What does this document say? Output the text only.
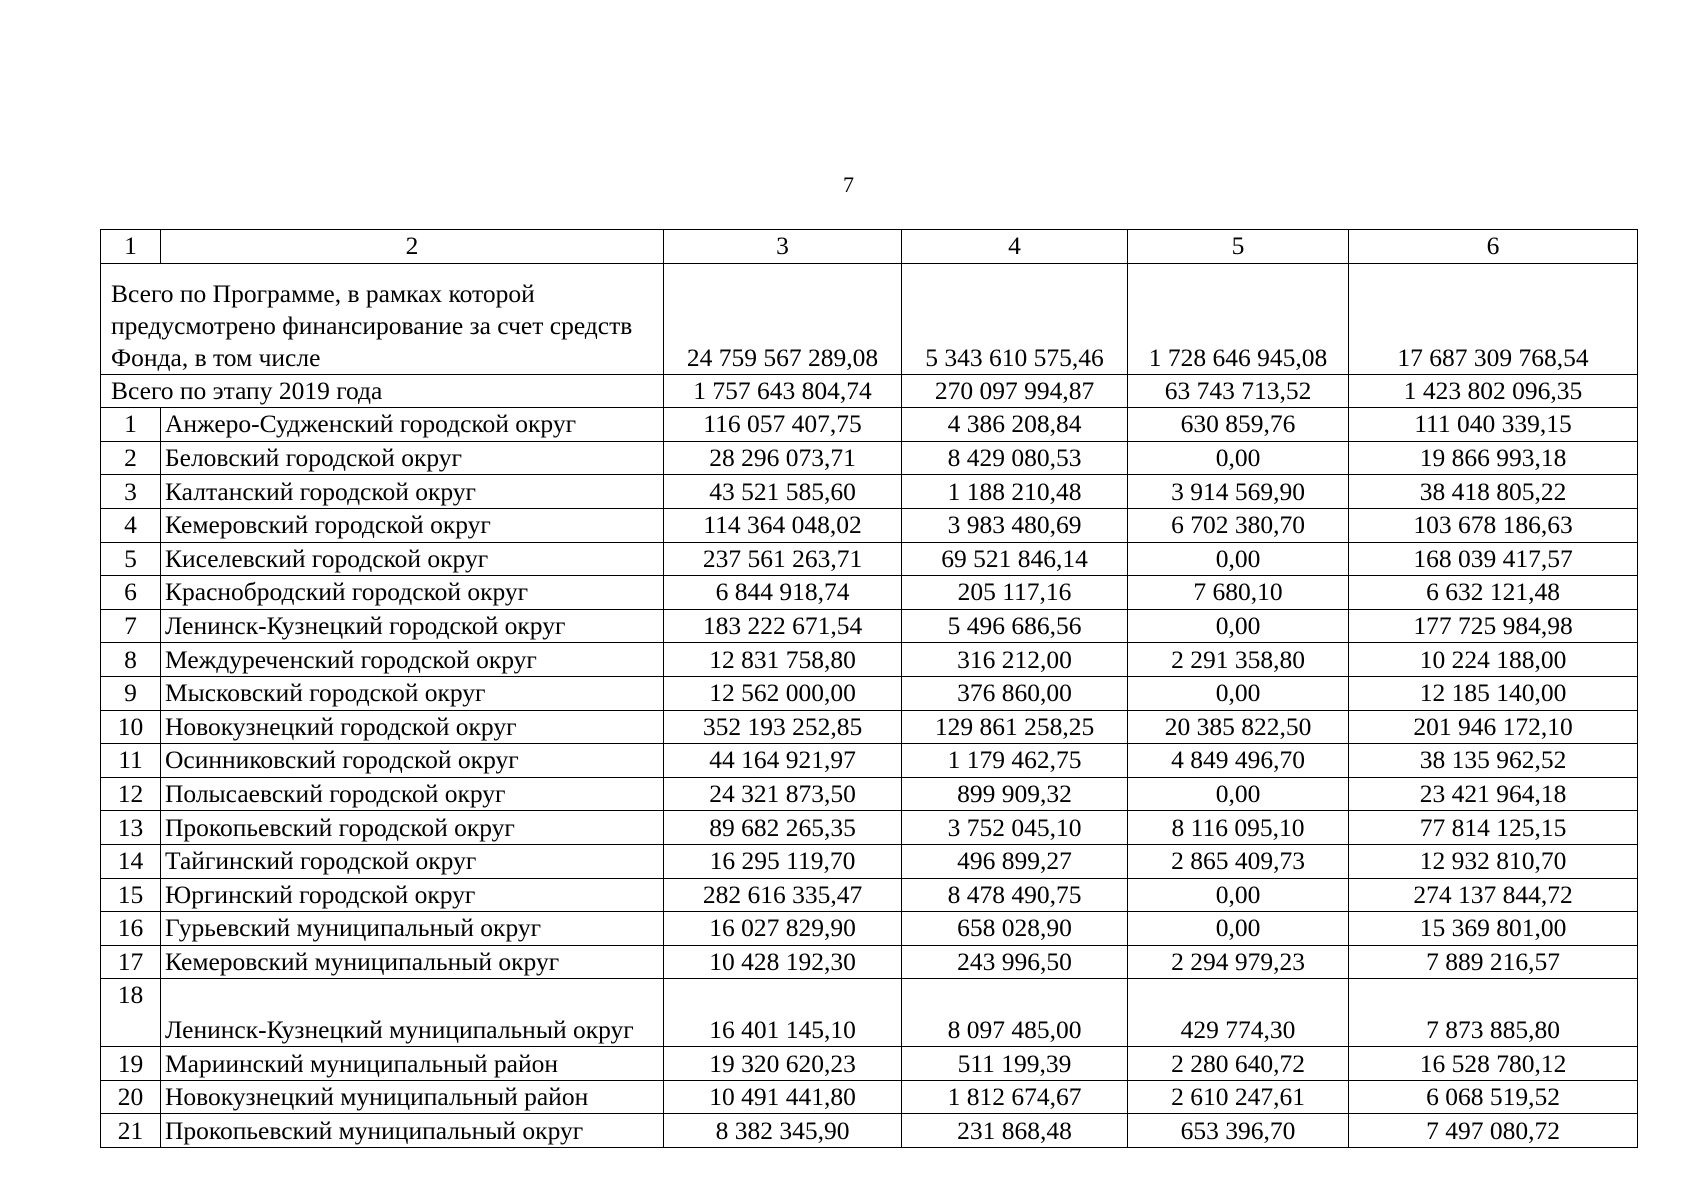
7
1	2	3	4	5	6
Всего по Программе, в рамках которой предусмотрено финансирование за счет средств Фонда, в том числе		24 759 567 289,08	5 343 610 575,46	1 728 646 945,08	17 687 309 768,54
Всего по этапу 2019 года		1 757 643 804,74	270 097 994,87	63 743 713,52	1 423 802 096,35
1	Анжеро-Судженский городской округ	116 057 407,75	4 386 208,84	630 859,76	111 040 339,15
2	Беловский городской округ	28 296 073,71	8 429 080,53	0,00	19 866 993,18
3	Калтанский городской округ	43 521 585,60	1 188 210,48	3 914 569,90	38 418 805,22
4	Кемеровский городской округ	114 364 048,02	3 983 480,69	6 702 380,70	103 678 186,63
5	Киселевский городской округ	237 561 263,71	69 521 846,14	0,00	168 039 417,57
6	Краснобродский городской округ	6 844 918,74	205 117,16	7 680,10	6 632 121,48
7	Ленинск-Кузнецкий городской округ	183 222 671,54	5 496 686,56	0,00	177 725 984,98
8	Междуреченский городской округ	12 831 758,80	316 212,00	2 291 358,80	10 224 188,00
9	Мысковский городской округ	12 562 000,00	376 860,00	0,00	12 185 140,00
10	Новокузнецкий городской округ	352 193 252,85	129 861 258,25	20 385 822,50	201 946 172,10
11	Осинниковский городской округ	44 164 921,97	1 179 462,75	4 849 496,70	38 135 962,52
12	Полысаевский городской округ	24 321 873,50	899 909,32	0,00	23 421 964,18
13	Прокопьевский городской округ	89 682 265,35	3 752 045,10	8 116 095,10	77 814 125,15
14	Тайгинский городской округ	16 295 119,70	496 899,27	2 865 409,73	12 932 810,70
15	Юргинский городской округ	282 616 335,47	8 478 490,75	0,00	274 137 844,72
16	Гурьевский муниципальный округ	16 027 829,90	658 028,90	0,00	15 369 801,00
17	Кемеровский муниципальный округ	10 428 192,30	243 996,50	2 294 979,23	7 889 216,57
18	Ленинск-Кузнецкий муниципальный округ	16 401 145,10	8 097 485,00	429 774,30	7 873 885,80
19	Мариинский муниципальный район	19 320 620,23	511 199,39	2 280 640,72	16 528 780,12
20	Новокузнецкий муниципальный район	10 491 441,80	1 812 674,67	2 610 247,61	6 068 519,52
21	Прокопьевский муниципальный округ	8 382 345,90	231 868,48	653 396,70	7 497 080,72
